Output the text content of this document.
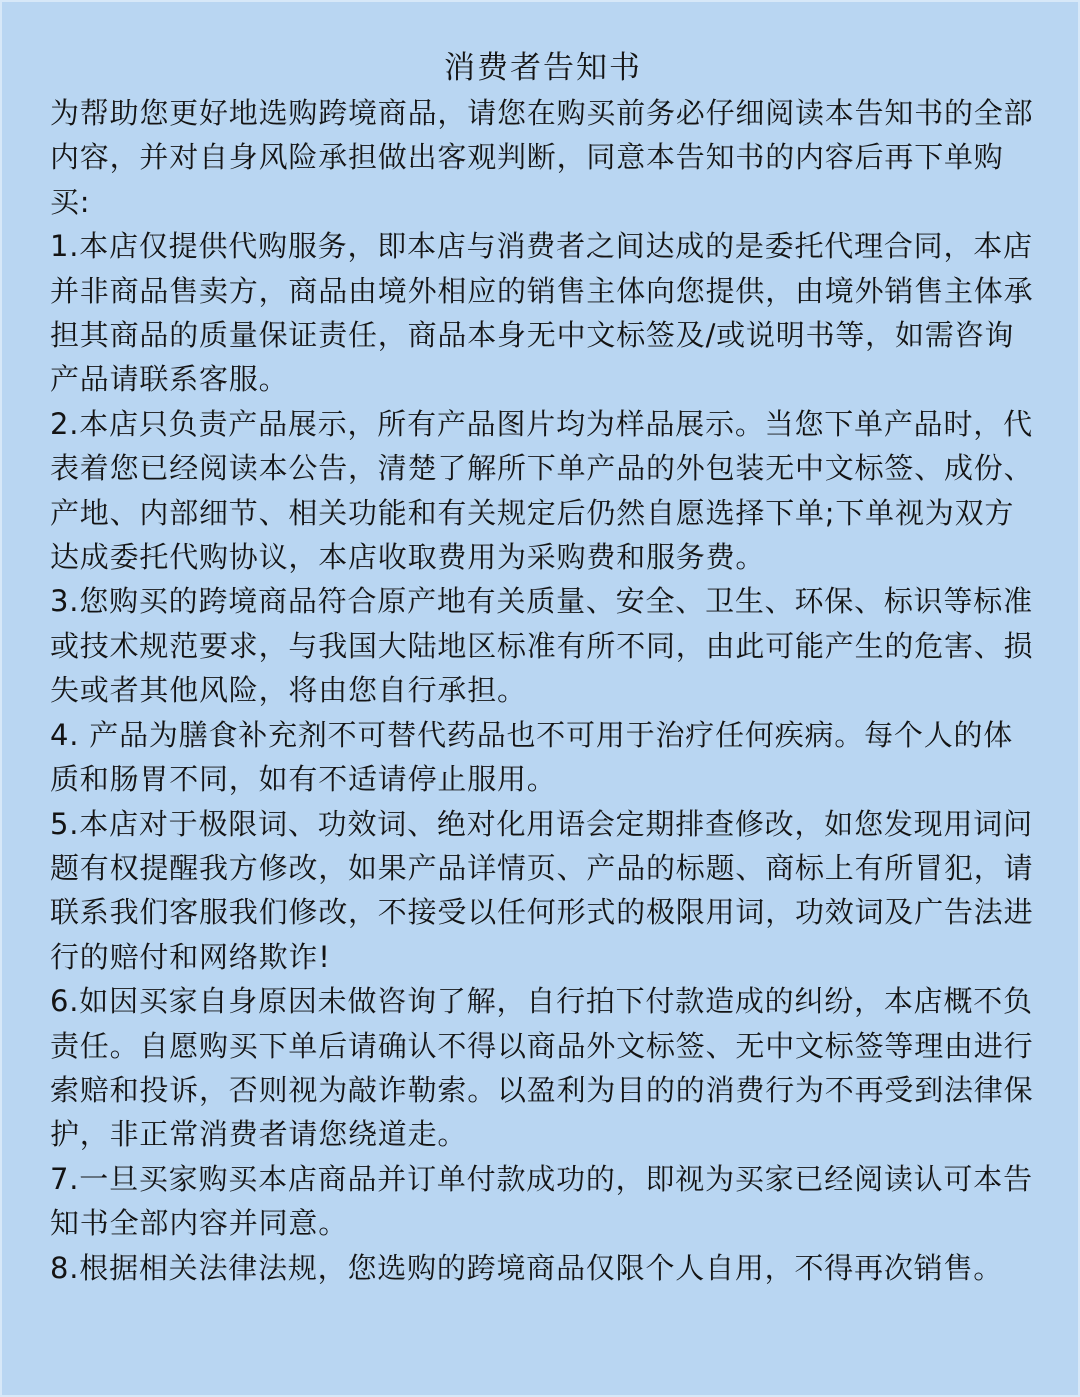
消费者告知书

为帮助您更好地选购跨境商品，请您在购买前务必仔细阅读本告知书的全部内容，并对自身风险承担做出客观判断，同意本告知书的内容后再下单购买:

1.本店仅提供代购服务，即本店与消费者之间达成的是委托代理合同，本店并非商品售卖方，商品由境外相应的销售主体向您提供，由境外销售主体承担其商品的质量保证责任，商品本身无中文标签及/或说明书等，如需咨询产品请联系客服。

2.本店只负责产品展示，所有产品图片均为样品展示。当您下单产品时，代表着您已经阅读本公告，清楚了解所下单产品的外包装无中文标签、成份、产地、内部细节、相关功能和有关规定后仍然自愿选择下单;下单视为双方达成委托代购协议，本店收取费用为采购费和服务费。

3.您购买的跨境商品符合原产地有关质量、安全、卫生、环保、标识等标准或技术规范要求，与我国大陆地区标准有所不同，由此可能产生的危害、损失或者其他风险，将由您自行承担。

4. 产品为膳食补充剂不可替代药品也不可用于治疗任何疾病。每个人的体质和肠胃不同，如有不适请停止服用。

5.本店对于极限词、功效词、绝对化用语会定期排查修改，如您发现用词问题有权提醒我方修改，如果产品详情页、产品的标题、商标上有所冒犯，请联系我们客服我们修改，不接受以任何形式的极限用词，功效词及广告法进行的赔付和网络欺诈!

6.如因买家自身原因未做咨询了解，自行拍下付款造成的纠纷，本店概不负责任。自愿购买下单后请确认不得以商品外文标签、无中文标签等理由进行索赔和投诉，否则视为敲诈勒索。以盈利为目的的消费行为不再受到法律保护，非正常消费者请您绕道走。

7.一旦买家购买本店商品并订单付款成功的，即视为买家已经阅读认可本告知书全部内容并同意。

8.根据相关法律法规，您选购的跨境商品仅限个人自用，不得再次销售。
